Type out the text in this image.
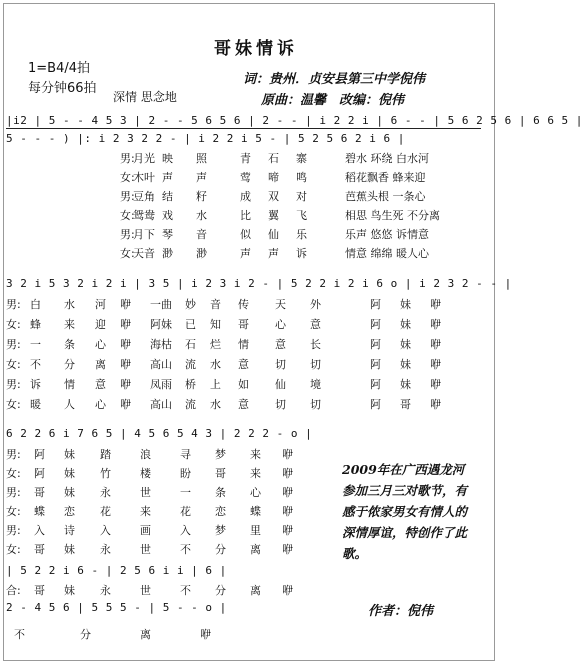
哥妹情诉
1=B4/4拍
每分钟66拍
深情 思念地
词：贵州．贞安县第三中学倪伟
原曲：温馨　改编：倪伟
|i2 | 5 - - 4 5 3 | 2 - - 5 6 5 6 | 2 - - | i 2 2 i | 6 - - | 5 6 2 5 6 | 6 6 5 |
5 - - - ) |: i 2 3 2 2 - | i 2 2 i 5 - | 5 2 5 6 2 i 6 |
男:
月光 映 照	青 石 寨	碧水 环绕 白水河
女:
木叶 声 声	莺 啼 鸣	稻花飘香 蜂来迎
男:
豆角 结 籽	成 双 对	芭蕉头根 一条心
女:
鸳鸯 戏 水	比 翼 飞	相思 鸟生死 不分离
男:
月下 琴 音	似 仙 乐	乐声 悠悠 诉情意
女:
天音 渺 渺	声 声 诉	情意 绵绵 暖人心
3 2 i 5 3 2 i 2 i | 3 5 | i 2 3 i 2 - | 5 2 2 i 2 i 6 o | i 2 3 2 - - |
男: 白 水 河 咿 一曲 妙 音 传 天 外	阿 妹 咿
女: 蜂 来 迎 咿 阿妹 已 知 哥 心 意	阿 妹 咿
男: 一 条 心 咿 海枯 石 烂 情 意 长	阿 妹 咿
女: 不 分 离 咿 高山 流 水 意 切 切	阿 妹 咿
男: 诉 情 意 咿 凤雨 桥 上 如 仙 境	阿 妹 咿
女: 暖 人 心 咿 高山 流 水 意 切 切	阿 哥 咿
6 2 2 6 i 7 6 5 | 4 5 6 5 4 3 | 2 2 2 - o |
男: 阿 妹 踏	浪	寻 梦 来 咿
女: 阿 妹 竹	楼	盼 哥 来 咿
男: 哥 妹 永	世	一 条 心 咿
女: 蝶 恋 花	来	花 恋 蝶 咿
男: 入 诗 入	画	入 梦 里 咿
女: 哥 妹 永	世	不 分 离 咿
| 5 2 2 i 6 - | 2 5 6 i i | 6 |
合: 哥 妹 永	世	不 分 离 咿
2 - 4 5 6 | 5 5 5 - | 5 - - o |
不	分	离	咿
2009年在广西遇龙河参加三月三对歌节，有感于侬家男女有情人的深情厚谊，特创作了此歌。
作者：倪伟
